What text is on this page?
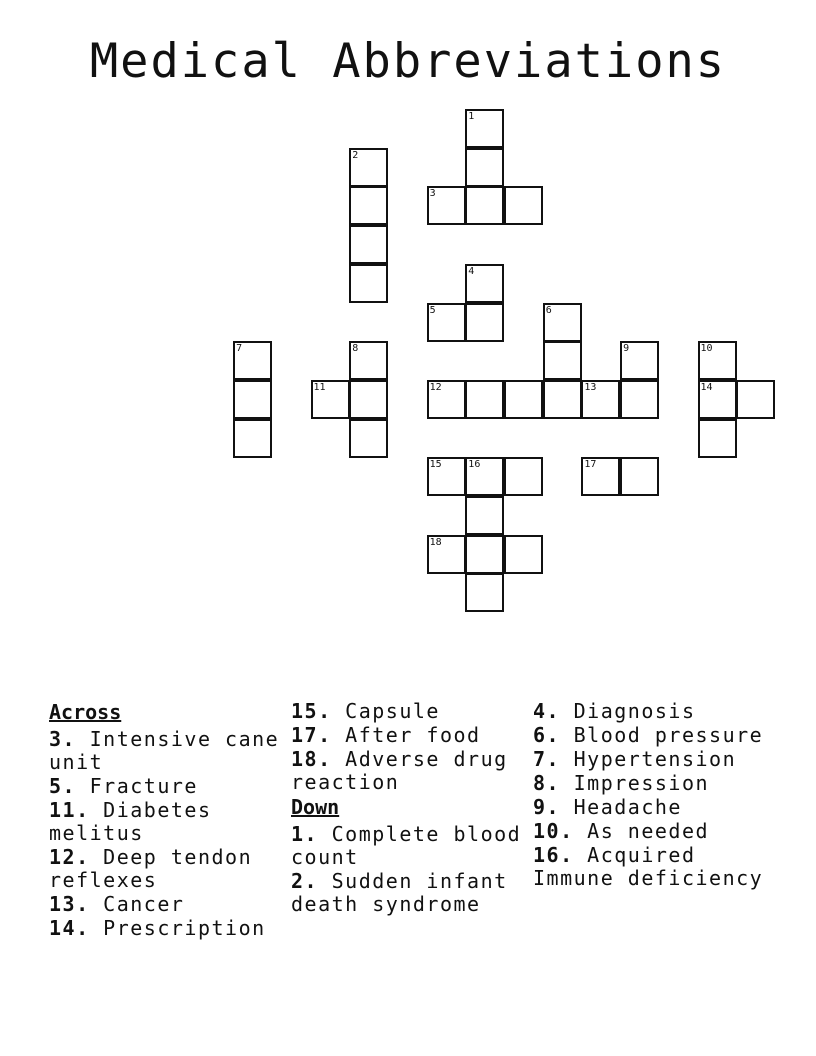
Medical Abbreviations
1
3
2
4
5	6
7	8
11	12
9
13
10
14
15	16	17
18
Across
3. Intensive cane unit
5. Fracture
11. Diabetes melitus
12. Deep tendon reflexes
13. Cancer
14. Prescription
15. Capsule
17. After food
18. Adverse drug reaction
Down
1. Complete blood count
2. Sudden infant death syndrome
4. Diagnosis
6. Blood pressure
7. Hypertension
8. Impression
9. Headache
10. As needed
16. Acquired Immune deficiency
